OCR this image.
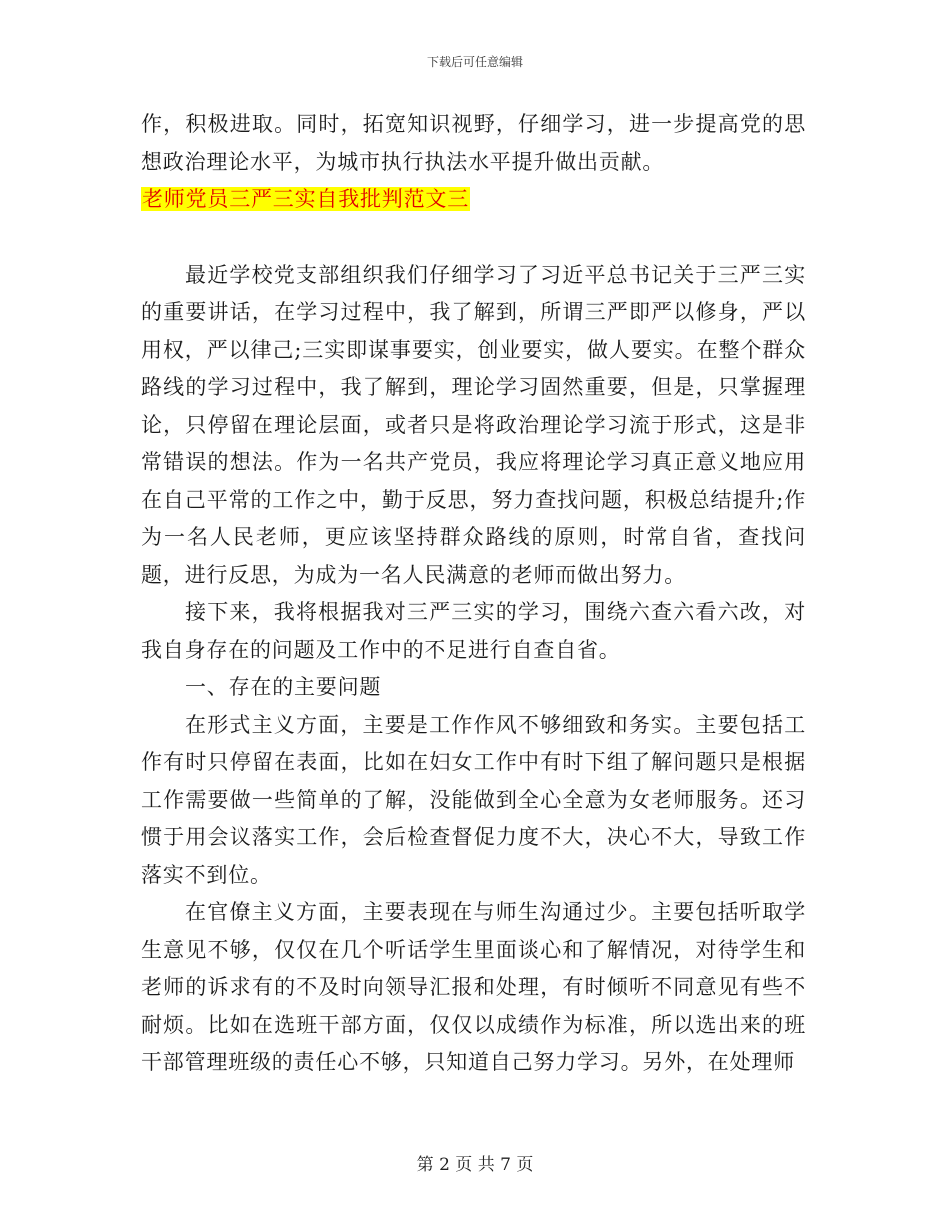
下载后可任意编辑

作，积极进取。同时，拓宽知识视野，仔细学习，进一步提高党的思想政治理论水平，为城市执行执法水平提升做出贡献。

老师党员三严三实自我批判范文三

最近学校党支部组织我们仔细学习了习近平总书记关于三严三实的重要讲话，在学习过程中，我了解到，所谓三严即严以修身，严以用权，严以律己;三实即谋事要实，创业要实，做人要实。在整个群众路线的学习过程中，我了解到，理论学习固然重要，但是，只掌握理论，只停留在理论层面，或者只是将政治理论学习流于形式，这是非常错误的想法。作为一名共产党员，我应将理论学习真正意义地应用在自己平常的工作之中，勤于反思，努力查找问题，积极总结提升;作为一名人民老师，更应该坚持群众路线的原则，时常自省，查找问题，进行反思，为成为一名人民满意的老师而做出努力。

接下来，我将根据我对三严三实的学习，围绕六查六看六改，对我自身存在的问题及工作中的不足进行自查自省。

一、存在的主要问题

在形式主义方面，主要是工作作风不够细致和务实。主要包括工作有时只停留在表面，比如在妇女工作中有时下组了解问题只是根据工作需要做一些简单的了解，没能做到全心全意为女老师服务。还习惯于用会议落实工作，会后检查督促力度不大，决心不大，导致工作落实不到位。

在官僚主义方面，主要表现在与师生沟通过少。主要包括听取学生意见不够，仅仅在几个听话学生里面谈心和了解情况，对待学生和老师的诉求有的不及时向领导汇报和处理，有时倾听不同意见有些不耐烦。比如在选班干部方面，仅仅以成绩作为标准，所以选出来的班干部管理班级的责任心不够，只知道自己努力学习。另外，在处理师

第 2 页 共 7 页
